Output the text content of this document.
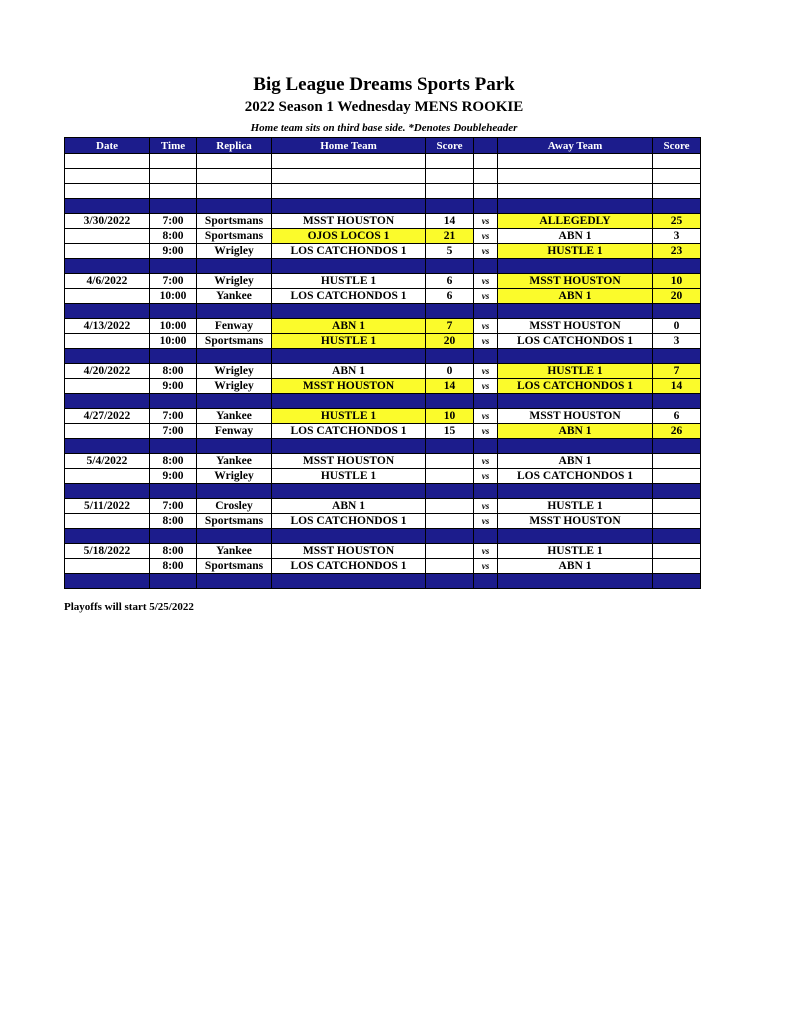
Big League Dreams Sports Park
2022 Season 1 Wednesday MENS ROOKIE
Home team sits on third base side. *Denotes Doubleheader
Date	Time	Replica	Home Team	Score		Away Team	Score

3/30/2022	7:00	Sportsmans	MSST HOUSTON	14	vs	ALLEGEDLY	25
	8:00	Sportsmans	OJOS LOCOS 1	21	vs	ABN 1	3
	9:00	Wrigley	LOS CATCHONDOS 1	5	vs	HUSTLE 1	23

4/6/2022	7:00	Wrigley	HUSTLE 1	6	vs	MSST HOUSTON	10
	10:00	Yankee	LOS CATCHONDOS 1	6	vs	ABN 1	20

4/13/2022	10:00	Fenway	ABN 1	7	vs	MSST HOUSTON	0
	10:00	Sportsmans	HUSTLE 1	20	vs	LOS CATCHONDOS 1	3

4/20/2022	8:00	Wrigley	ABN 1	0	vs	HUSTLE 1	7
	9:00	Wrigley	MSST HOUSTON	14	vs	LOS CATCHONDOS 1	14

4/27/2022	7:00	Yankee	HUSTLE 1	10	vs	MSST HOUSTON	6
	7:00	Fenway	LOS CATCHONDOS 1	15	vs	ABN 1	26

5/4/2022	8:00	Yankee	MSST HOUSTON		vs	ABN 1	
	9:00	Wrigley	HUSTLE 1		vs	LOS CATCHONDOS 1	

5/11/2022	7:00	Crosley	ABN 1		vs	HUSTLE 1	
	8:00	Sportsmans	LOS CATCHONDOS 1		vs	MSST HOUSTON	

5/18/2022	8:00	Yankee	MSST HOUSTON		vs	HUSTLE 1	
	8:00	Sportsmans	LOS CATCHONDOS 1		vs	ABN 1	

Playoffs will start 5/25/2022
